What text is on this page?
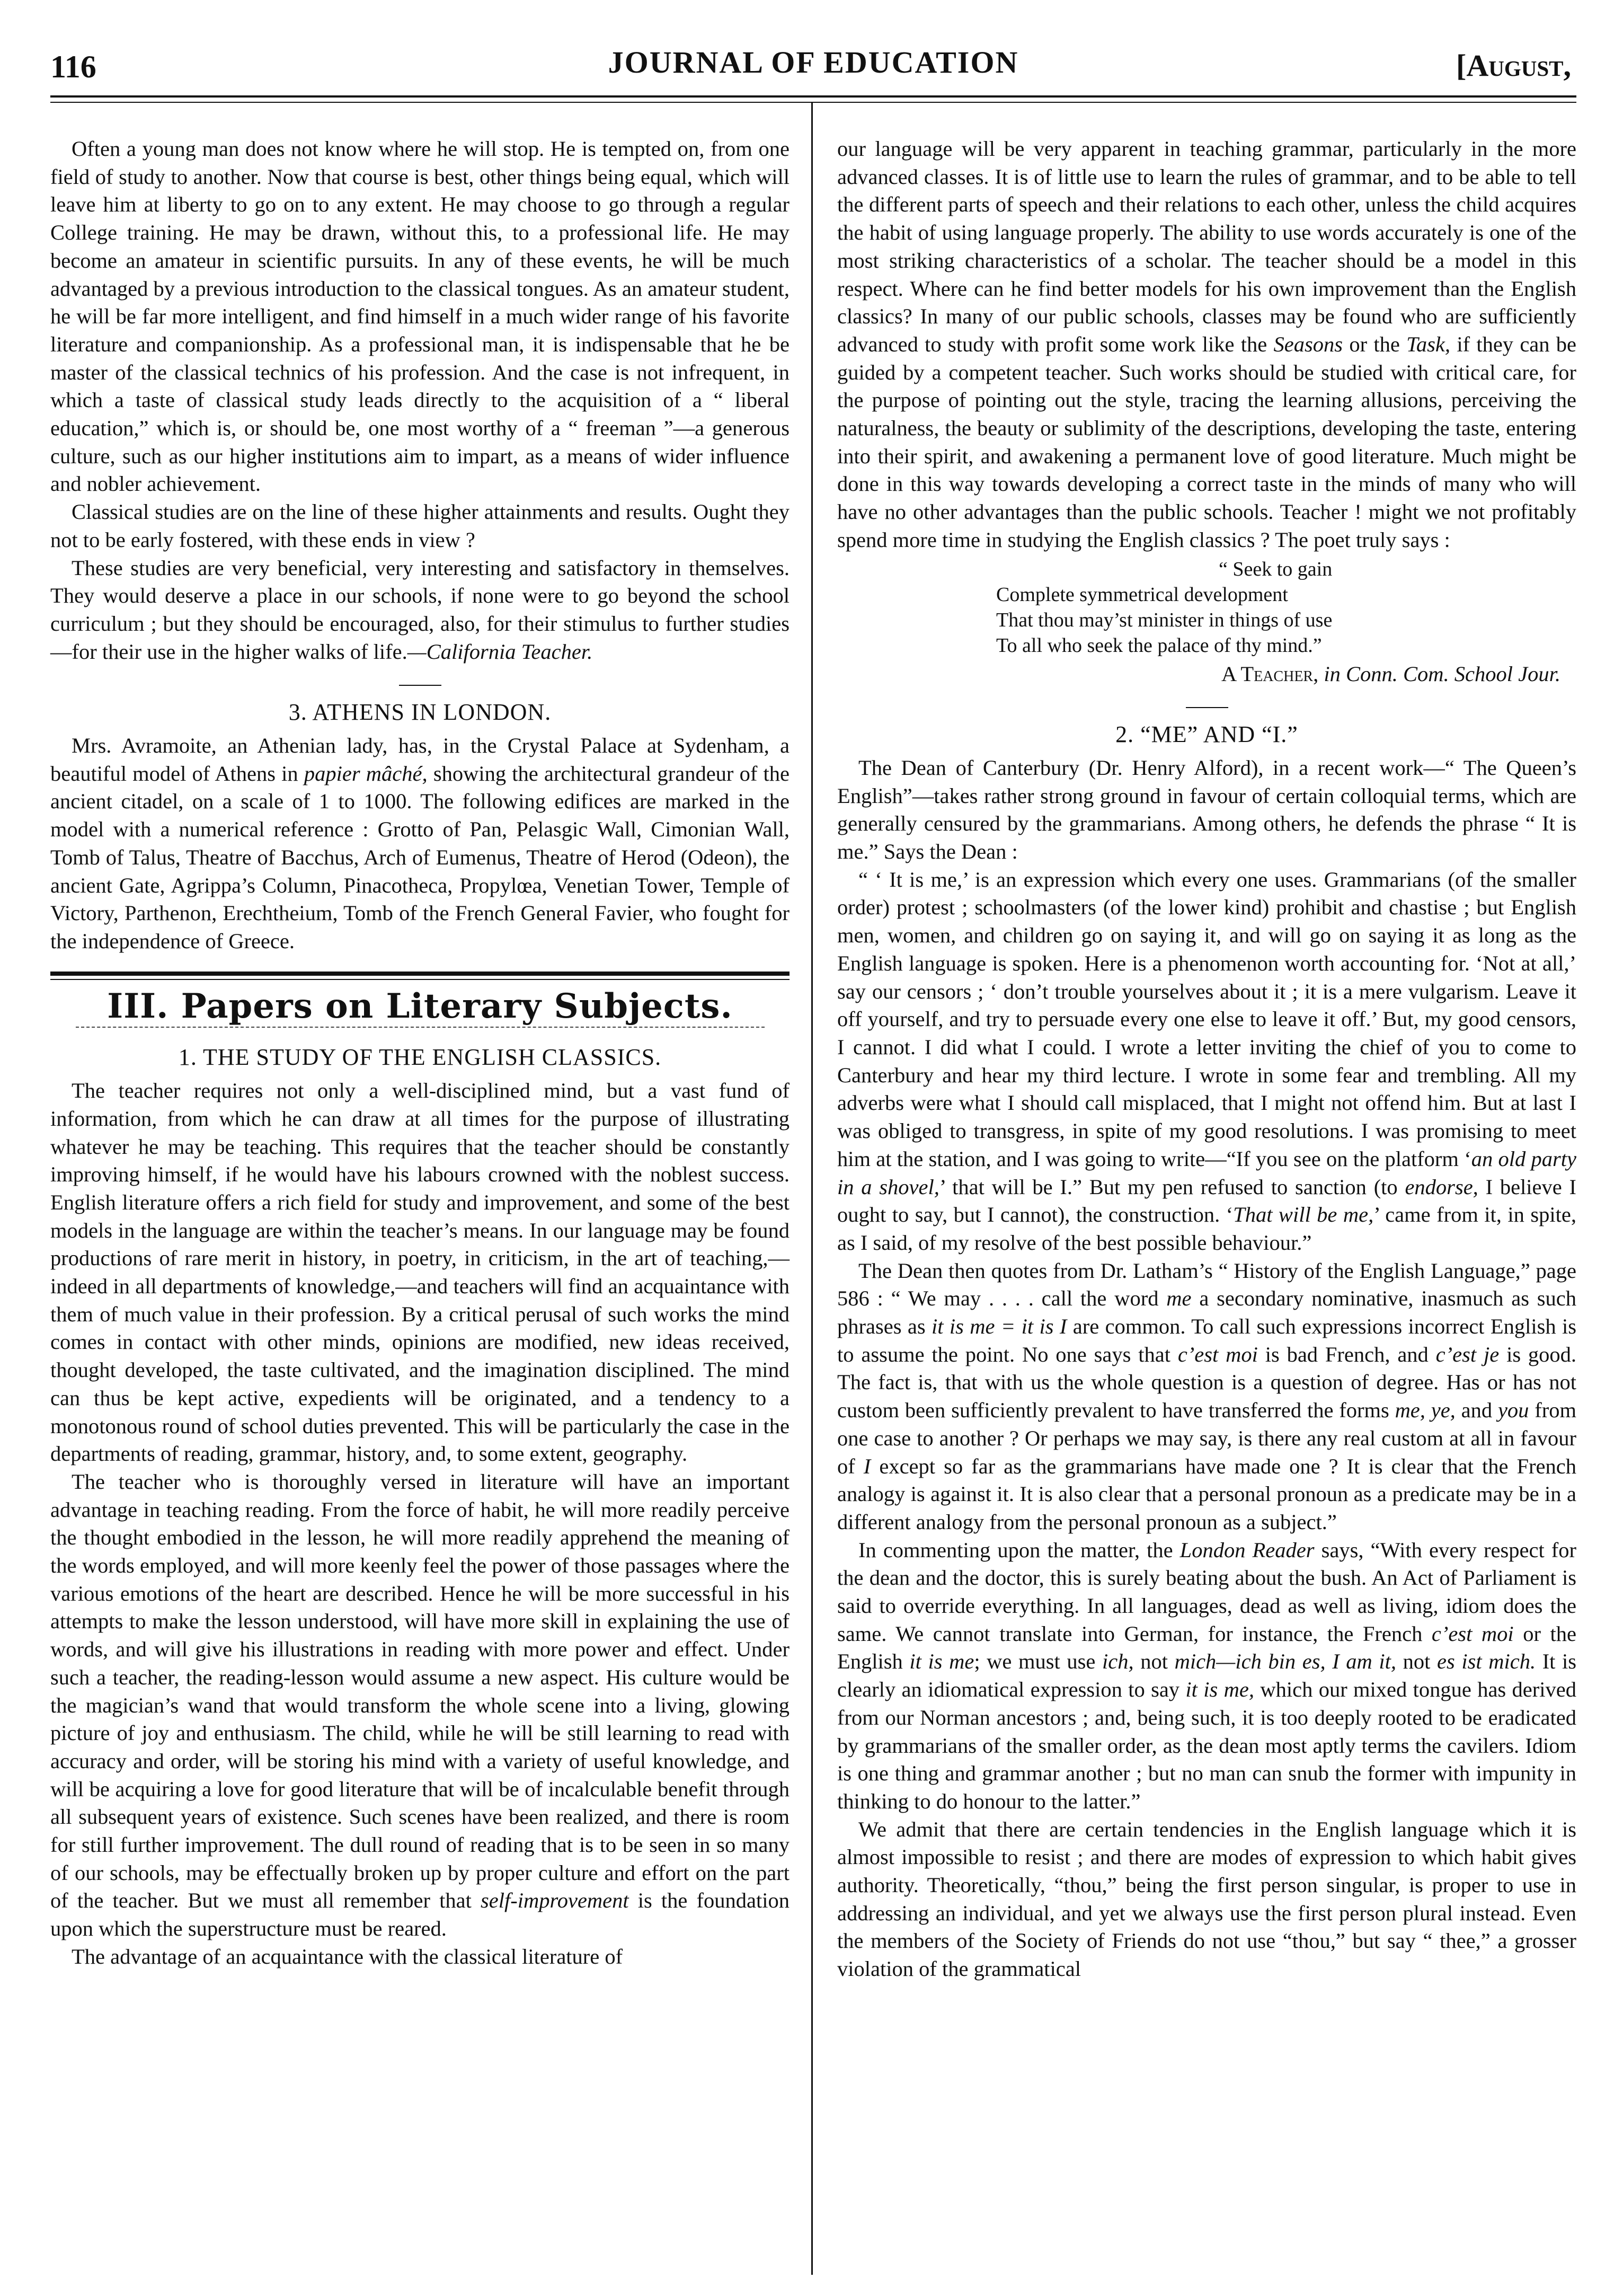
116	JOURNAL OF EDUCATION	[August,

Often a young man does not know where he will stop. He is tempted on, from one field of study to another. Now that course is best, other things being equal, which will leave him at liberty to go on to any extent. He may choose to go through a regular College training. He may be drawn, without this, to a professional life. He may become an amateur in scientific pursuits. In any of these events, he will be much advantaged by a previous introduction to the classical tongues. As an amateur student, he will be far more intelligent, and find himself in a much wider range of his favorite literature and companionship. As a professional man, it is indispensable that he be master of the classical technics of his profession. And the case is not infrequent, in which a taste of classical study leads directly to the acquisition of a “ liberal education,” which is, or should be, one most worthy of a “ freeman ”—a generous culture, such as our higher institutions aim to impart, as a means of wider influence and nobler achievement.

Classical studies are on the line of these higher attainments and results. Ought they not to be early fostered, with these ends in view ?

These studies are very beneficial, very interesting and satisfactory in themselves. They would deserve a place in our schools, if none were to go beyond the school curriculum ; but they should be encouraged, also, for their stimulus to further studies—for their use in the higher walks of life.—California Teacher.

3. ATHENS IN LONDON.

Mrs. Avramoite, an Athenian lady, has, in the Crystal Palace at Sydenham, a beautiful model of Athens in papier mâché, showing the architectural grandeur of the ancient citadel, on a scale of 1 to 1000. The following edifices are marked in the model with a numerical reference : Grotto of Pan, Pelasgic Wall, Cimonian Wall, Tomb of Talus, Theatre of Bacchus, Arch of Eumenus, Theatre of Herod (Odeon), the ancient Gate, Agrippa’s Column, Pinacotheca, Propylœa, Venetian Tower, Temple of Victory, Parthenon, Erechtheium, Tomb of the French General Favier, who fought for the independence of Greece.

III. Papers on Literary Subjects.
1. THE STUDY OF THE ENGLISH CLASSICS.

The teacher requires not only a well-disciplined mind, but a vast fund of information, from which he can draw at all times for the purpose of illustrating whatever he may be teaching. This requires that the teacher should be constantly improving himself, if he would have his labours crowned with the noblest success. English literature offers a rich field for study and improvement, and some of the best models in the language are within the teacher’s means. In our language may be found productions of rare merit in history, in poetry, in criticism, in the art of teaching,—indeed in all departments of knowledge,—and teachers will find an acquaintance with them of much value in their profession. By a critical perusal of such works the mind comes in contact with other minds, opinions are modified, new ideas received, thought developed, the taste cultivated, and the imagination disciplined. The mind can thus be kept active, expedients will be originated, and a tendency to a monotonous round of school duties prevented. This will be particularly the case in the departments of reading, grammar, history, and, to some extent, geography.

The teacher who is thoroughly versed in literature will have an important advantage in teaching reading. From the force of habit, he will more readily perceive the thought embodied in the lesson, he will more readily apprehend the meaning of the words employed, and will more keenly feel the power of those passages where the various emotions of the heart are described. Hence he will be more successful in his attempts to make the lesson understood, will have more skill in explaining the use of words, and will give his illustrations in reading with more power and effect. Under such a teacher, the reading-lesson would assume a new aspect. His culture would be the magician’s wand that would transform the whole scene into a living, glowing picture of joy and enthusiasm. The child, while he will be still learning to read with accuracy and order, will be storing his mind with a variety of useful knowledge, and will be acquiring a love for good literature that will be of incalculable benefit through all subsequent years of existence. Such scenes have been realized, and there is room for still further improvement. The dull round of reading that is to be seen in so many of our schools, may be effectually broken up by proper culture and effort on the part of the teacher. But we must all remember that self-improvement is the foundation upon which the superstructure must be reared.

The advantage of an acquaintance with the classical literature of

our language will be very apparent in teaching grammar, particularly in the more advanced classes. It is of little use to learn the rules of grammar, and to be able to tell the different parts of speech and their relations to each other, unless the child acquires the habit of using language properly. The ability to use words accurately is one of the most striking characteristics of a scholar. The teacher should be a model in this respect. Where can he find better models for his own improvement than the English classics? In many of our public schools, classes may be found who are sufficiently advanced to study with profit some work like the Seasons or the Task, if they can be guided by a competent teacher. Such works should be studied with critical care, for the purpose of pointing out the style, tracing the learning allusions, perceiving the naturalness, the beauty or sublimity of the descriptions, developing the taste, entering into their spirit, and awakening a permanent love of good literature. Much might be done in this way towards developing a correct taste in the minds of many who will have no other advantages than the public schools. Teacher ! might we not profitably spend more time in studying the English classics ? The poet truly says :

“ Seek to gain
Complete symmetrical development
That thou may’st minister in things of use
To all who seek the palace of thy mind.”
A Teacher, in Conn. Com. School Jour.
2. “ME” AND “I.”

The Dean of Canterbury (Dr. Henry Alford), in a recent work—“ The Queen’s English”—takes rather strong ground in favour of certain colloquial terms, which are generally censured by the grammarians. Among others, he defends the phrase “ It is me.” Says the Dean :

“ ‘ It is me,’ is an expression which every one uses. Grammarians (of the smaller order) protest ; schoolmasters (of the lower kind) prohibit and chastise ; but English men, women, and children go on saying it, and will go on saying it as long as the English language is spoken. Here is a phenomenon worth accounting for. ‘Not at all,’ say our censors ; ‘ don’t trouble yourselves about it ; it is a mere vulgarism. Leave it off yourself, and try to persuade every one else to leave it off.’ But, my good censors, I cannot. I did what I could. I wrote a letter inviting the chief of you to come to Canterbury and hear my third lecture. I wrote in some fear and trembling. All my adverbs were what I should call misplaced, that I might not offend him. But at last I was obliged to transgress, in spite of my good resolutions. I was promising to meet him at the station, and I was going to write—“If you see on the platform ‘an old party in a shovel,’ that will be I.” But my pen refused to sanction (to endorse, I believe I ought to say, but I cannot), the construction. ‘That will be me,’ came from it, in spite, as I said, of my resolve of the best possible behaviour.”

The Dean then quotes from Dr. Latham’s “ History of the English Language,” page 586 : “ We may . . . . call the word me a secondary nominative, inasmuch as such phrases as it is me = it is I are common. To call such expressions incorrect English is to assume the point. No one says that c’est moi is bad French, and c’est je is good. The fact is, that with us the whole question is a question of degree. Has or has not custom been sufficiently prevalent to have transferred the forms me, ye, and you from one case to another ? Or perhaps we may say, is there any real custom at all in favour of I except so far as the grammarians have made one ? It is clear that the French analogy is against it. It is also clear that a personal pronoun as a predicate may be in a different analogy from the personal pronoun as a subject.”

In commenting upon the matter, the London Reader says, “With every respect for the dean and the doctor, this is surely beating about the bush. An Act of Parliament is said to override everything. In all languages, dead as well as living, idiom does the same. We cannot translate into German, for instance, the French c’est moi or the English it is me; we must use ich, not mich—ich bin es, I am it, not es ist mich. It is clearly an idiomatical expression to say it is me, which our mixed tongue has derived from our Norman ancestors ; and, being such, it is too deeply rooted to be eradicated by grammarians of the smaller order, as the dean most aptly terms the cavilers. Idiom is one thing and grammar another ; but no man can snub the former with impunity in thinking to do honour to the latter.”

We admit that there are certain tendencies in the English language which it is almost impossible to resist ; and there are modes of expression to which habit gives authority. Theoretically, “thou,” being the first person singular, is proper to use in addressing an individual, and yet we always use the first person plural instead. Even the members of the Society of Friends do not use “thou,” but say “ thee,” a grosser violation of the grammatical
